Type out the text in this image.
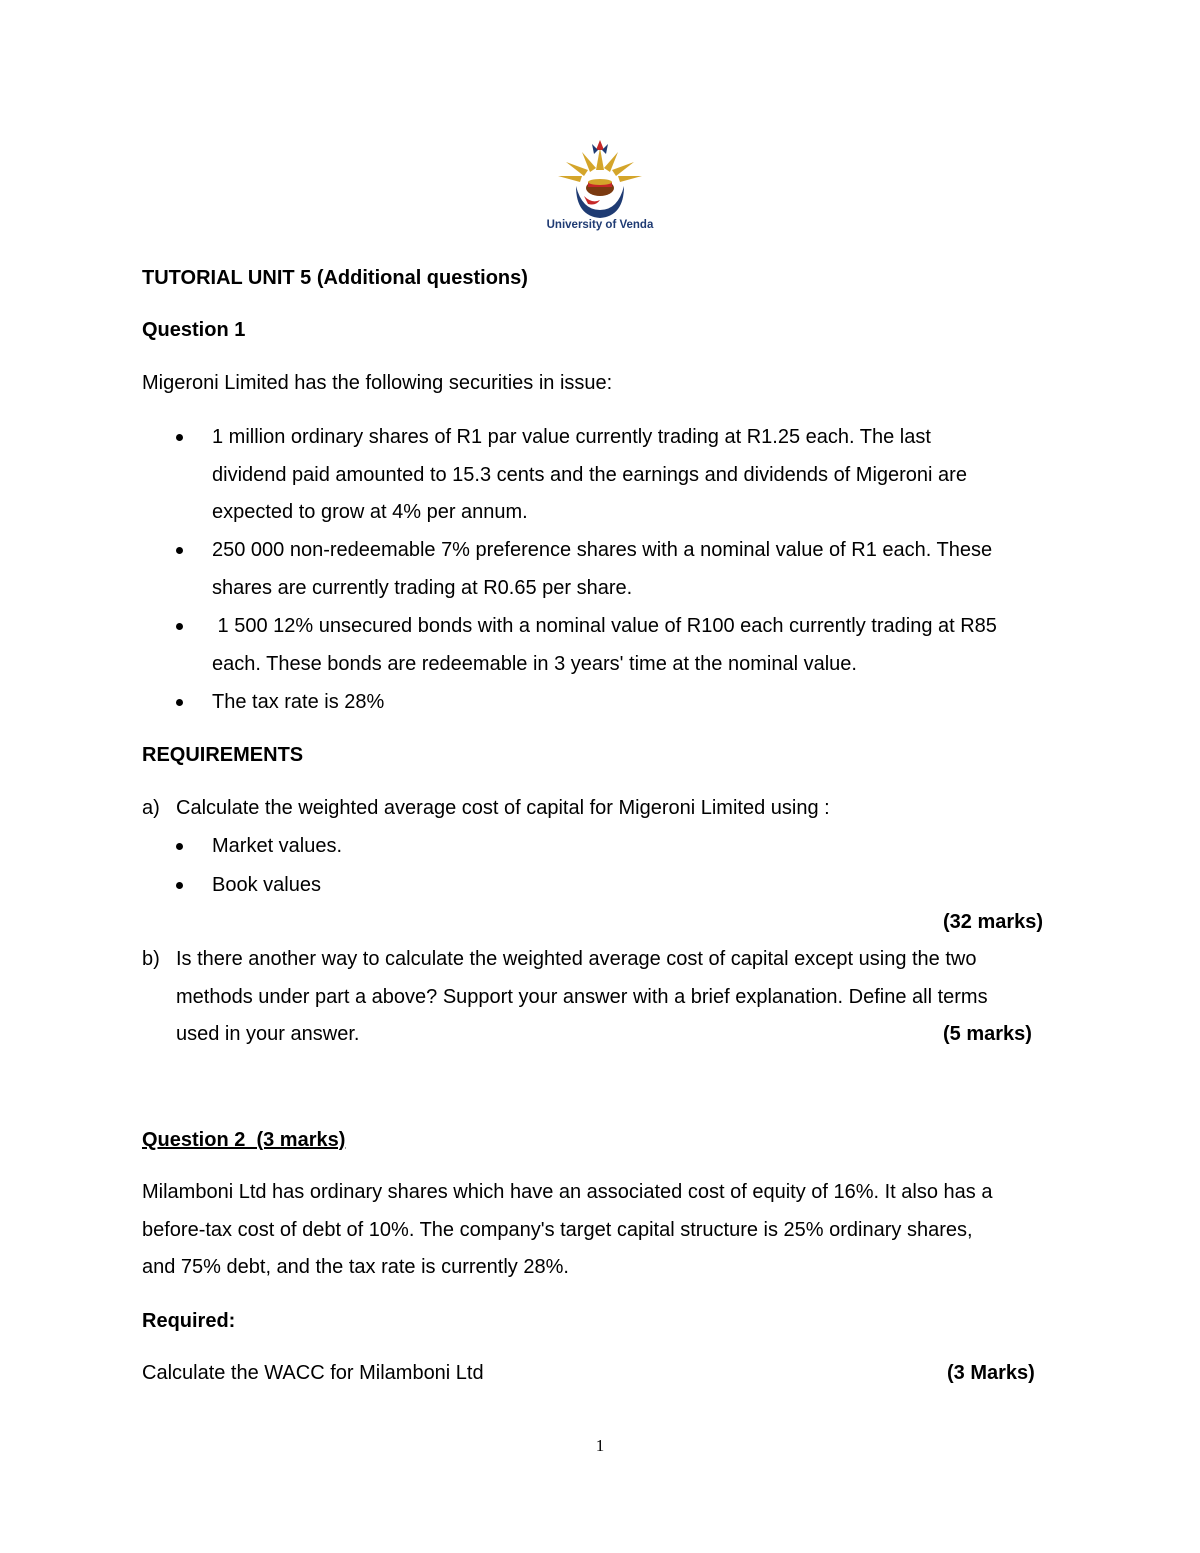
University of Venda
TUTORIAL UNIT 5 (Additional questions)
Question 1
Migeroni Limited has the following securities in issue:
1 million ordinary shares of R1 par value currently trading at R1.25 each. The last
dividend paid amounted to 15.3 cents and the earnings and dividends of Migeroni are
expected to grow at 4% per annum.
250 000 non-redeemable 7% preference shares with a nominal value of R1 each. These
shares are currently trading at R0.65 per share.
1 500 12% unsecured bonds with a nominal value of R100 each currently trading at R85
each. These bonds are redeemable in 3 years' time at the nominal value.
The tax rate is 28%
REQUIREMENTS
a) Calculate the weighted average cost of capital for Migeroni Limited using :
Market values.
Book values
(32 marks)
b) Is there another way to calculate the weighted average cost of capital except using the two
methods under part a above? Support your answer with a brief explanation. Define all terms
used in your answer.	(5 marks)
Question 2  (3 marks)
Milamboni Ltd has ordinary shares which have an associated cost of equity of 16%. It also has a
before-tax cost of debt of 10%. The company's target capital structure is 25% ordinary shares,
and 75% debt, and the tax rate is currently 28%.
Required:
Calculate the WACC for Milamboni Ltd	(3 Marks)
1
